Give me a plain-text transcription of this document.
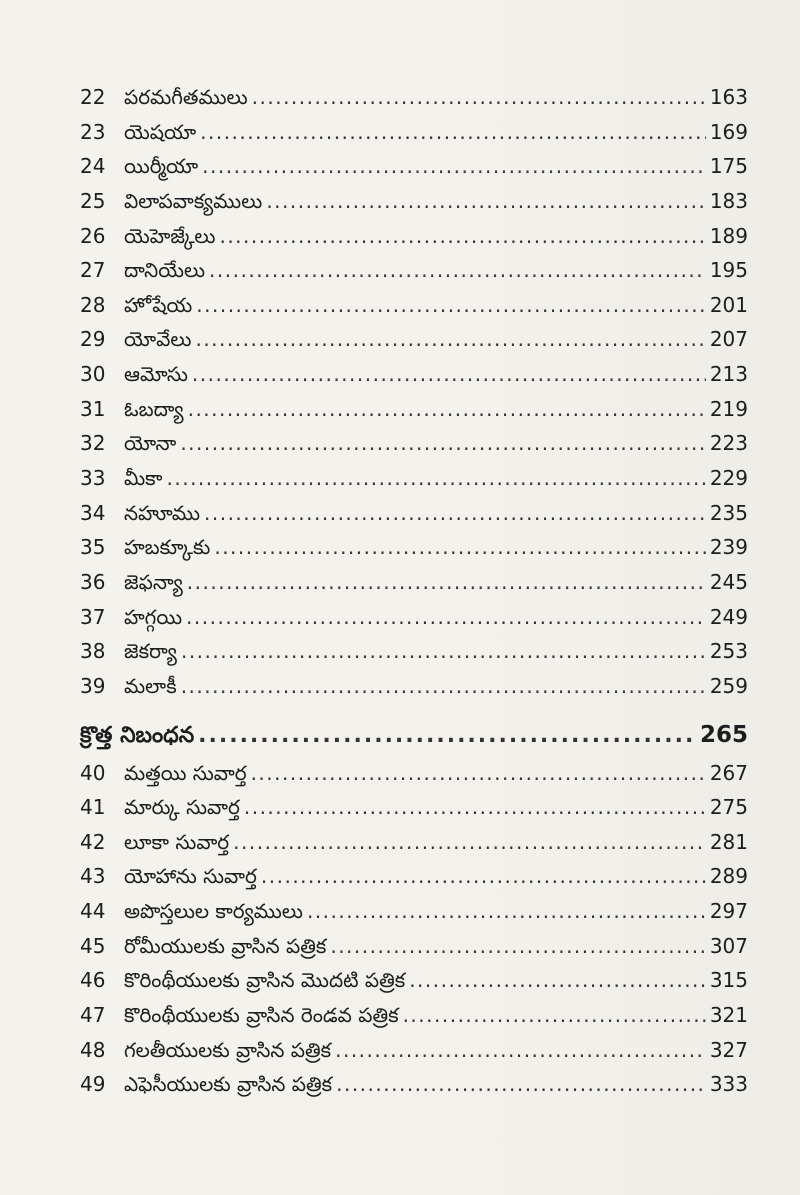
22 పరమగీతములు .....	163
23 యెషయా .....	169
24 యిర్మీయా .....	175
25 విలాపవాక్యములు .....	183
26 యెహెజ్కేలు .....	189
27 దానియేలు .....	195
28 హోషేయ .....	201
29 యోవేలు .....	207
30 ఆమోసు .....	213
31 ఓబద్యా .....	219
32 యోనా .....	223
33 మీకా .....	229
34 నహూము .....	235
35 హబక్కూకు .....	239
36 జెఫన్యా .....	245
37 హగ్గయి .....	249
38 జెకర్యా .....	253
39 మలాకీ .....	259
క్రొత్త నిబంధన .....	265
40 మత్తయి సువార్త .....	267
41 మార్కు సువార్త .....	275
42 లూకా సువార్త .....	281
43 యోహాను సువార్త .....	289
44 అపొస్తలుల కార్యములు .....	297
45 రోమీయులకు వ్రాసిన పత్రిక .....	307
46 కొరింథీయులకు వ్రాసిన మొదటి పత్రిక .....	315
47 కొరింథీయులకు వ్రాసిన రెండవ పత్రిక .....	321
48 గలతీయులకు వ్రాసిన పత్రిక .....	327
49 ఎఫెసీయులకు వ్రాసిన పత్రిక .....	333
